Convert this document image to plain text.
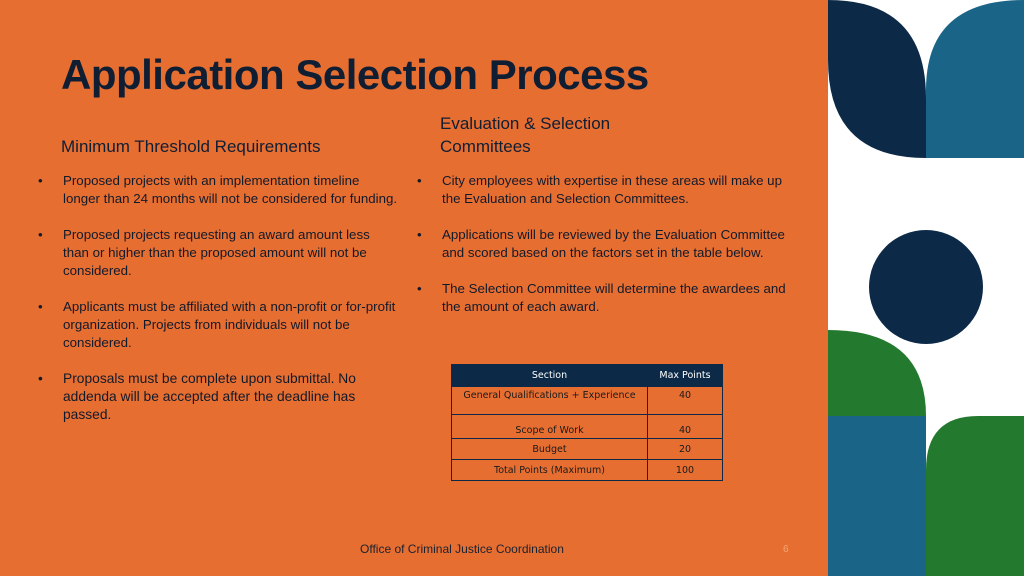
Application Selection Process
Minimum Threshold Requirements
Evaluation & Selection Committees
•	Proposed projects with an implementation timeline longer than 24 months will not be considered for funding.
•	Proposed projects requesting an award amount less than or higher than the proposed amount will not be considered.
•	Applicants must be affiliated with a non-profit or for-profit organization. Projects from individuals will not be considered.
•	Proposals must be complete upon submittal. No addenda will be accepted after the deadline has passed.
•	City employees with expertise in these areas will make up the Evaluation and Selection Committees.
•	Applications will be reviewed by the Evaluation Committee and scored based on the factors set in the table below.
•	The Selection Committee will determine the awardees and the amount of each award.
Section	Max Points
General Qualifications + Experience	40
Scope of Work	40
Budget	20
Total Points (Maximum)	100

Office of Criminal Justice Coordination	6
